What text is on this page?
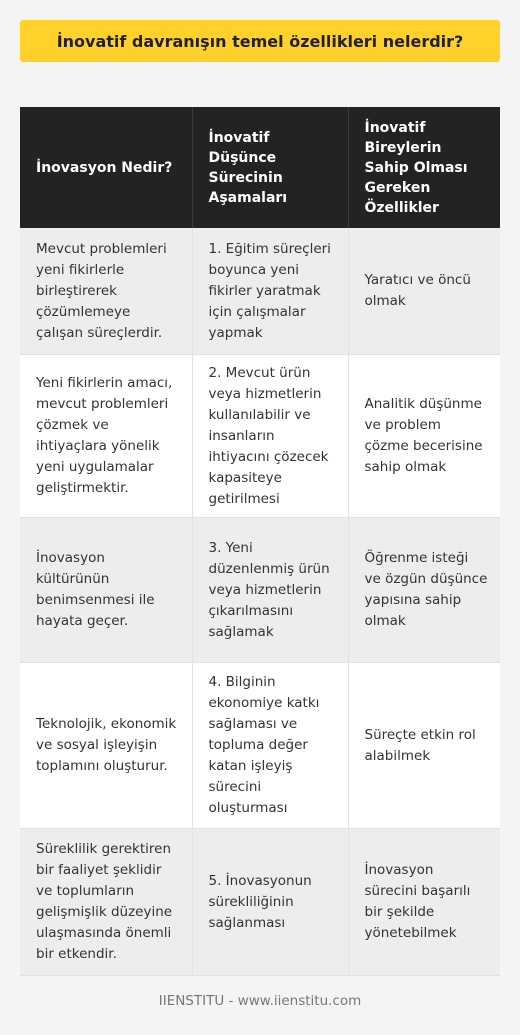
İnovatif davranışın temel özellikleri nelerdir?
İnovasyon Nedir?	İnovatif Düşünce Sürecinin Aşamaları	İnovatif Bireylerin Sahip Olması Gereken Özellikler
Mevcut problemleri yeni fikirlerle birleştirerek çözümlemeye çalışan süreçlerdir.	1. Eğitim süreçleri boyunca yeni fikirler yaratmak için çalışmalar yapmak	Yaratıcı ve öncü olmak
Yeni fikirlerin amacı, mevcut problemleri çözmek ve ihtiyaçlara yönelik yeni uygulamalar geliştirmektir.	2. Mevcut ürün veya hizmetlerin kullanılabilir ve insanların ihtiyacını çözecek kapasiteye getirilmesi	Analitik düşünme ve problem çözme becerisine sahip olmak
İnovasyon kültürünün benimsenmesi ile hayata geçer.	3. Yeni düzenlenmiş ürün veya hizmetlerin çıkarılmasını sağlamak	Öğrenme isteği ve özgün düşünce yapısına sahip olmak
Teknolojik, ekonomik ve sosyal işleyişin toplamını oluşturur.	4. Bilginin ekonomiye katkı sağlaması ve topluma değer katan işleyiş sürecini oluşturması	Süreçte etkin rol alabilmek
Süreklilik gerektiren bir faaliyet şeklidir ve toplumların gelişmişlik düzeyine ulaşmasında önemli bir etkendir.	5. İnovasyonun sürekliliğinin sağlanması	İnovasyon sürecini başarılı bir şekilde yönetebilmek
IIENSTITU - www.iienstitu.com
